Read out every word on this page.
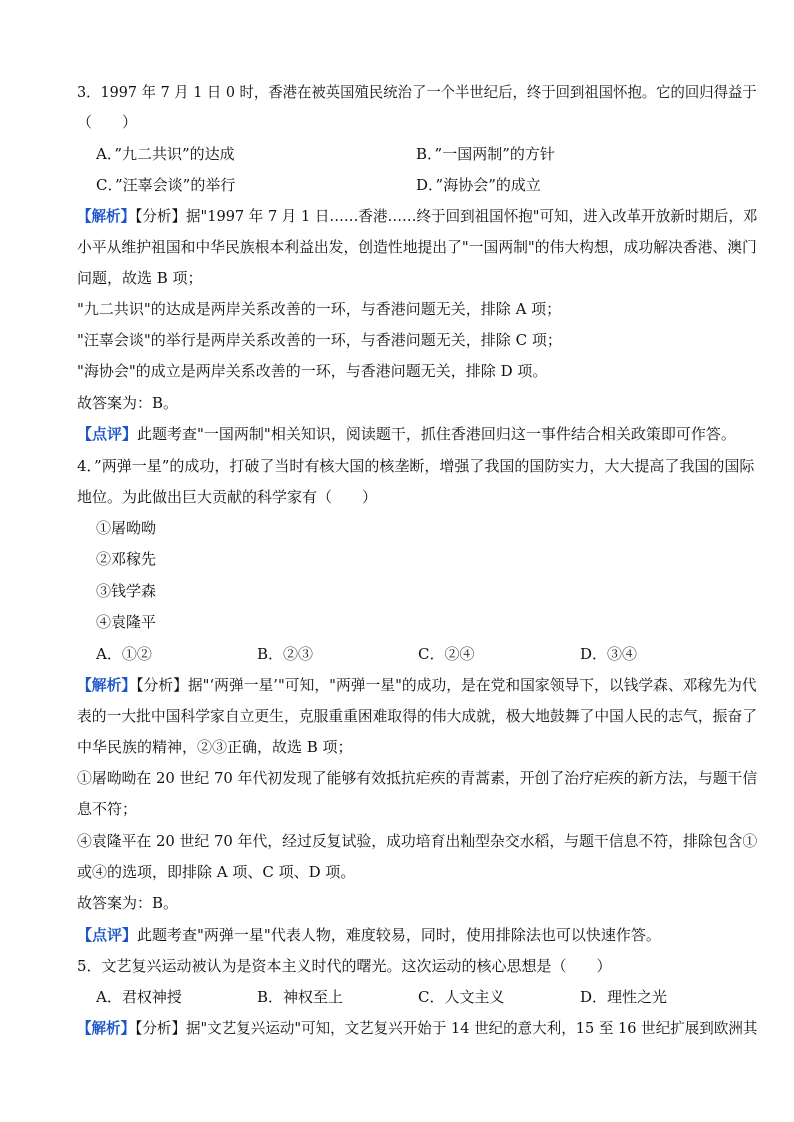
3．1997 年 7 月 1 日 0 时，香港在被英国殖民统治了一个半世纪后，终于回到祖国怀抱。它的回归得益于
（　　）
A．”九二共识”的达成	B．”一国两制”的方针
C．”汪辜会谈”的举行	D．”海协会”的成立
【解析】【分析】据"1997 年 7 月 1 日……香港……终于回到祖国怀抱"可知，进入改革开放新时期后，邓
小平从维护祖国和中华民族根本利益出发，创造性地提出了"一国两制"的伟大构想，成功解决香港、澳门
问题，故选 B 项；
"九二共识"的达成是两岸关系改善的一环，与香港问题无关，排除 A 项；
"汪辜会谈"的举行是两岸关系改善的一环，与香港问题无关，排除 C 项；
"海协会"的成立是两岸关系改善的一环，与香港问题无关，排除 D 项。
故答案为：B。
【点评】此题考查"一国两制"相关知识，阅读题干，抓住香港回归这一事件结合相关政策即可作答。
4．”两弹一星”的成功，打破了当时有核大国的核垄断，增强了我国的国防实力，大大提高了我国的国际
地位。为此做出巨大贡献的科学家有（　　）
①屠呦呦
②邓稼先
③钱学森
④袁隆平
A．①②	B．②③	C．②④	D．③④
【解析】【分析】据"‘两弹一星’"可知，"两弹一星"的成功，是在党和国家领导下，以钱学森、邓稼先为代
表的一大批中国科学家自立更生，克服重重困难取得的伟大成就，极大地鼓舞了中国人民的志气，振奋了
中华民族的精神，②③正确，故选 B 项；
①屠呦呦在 20 世纪 70 年代初发现了能够有效抵抗疟疾的青蒿素，开创了治疗疟疾的新方法，与题干信
息不符；
④袁隆平在 20 世纪 70 年代，经过反复试验，成功培育出籼型杂交水稻，与题干信息不符，排除包含①
或④的选项，即排除 A 项、C 项、D 项。
故答案为：B。
【点评】此题考查"两弹一星"代表人物，难度较易，同时，使用排除法也可以快速作答。
5．文艺复兴运动被认为是资本主义时代的曙光。这次运动的核心思想是（　　）
A．君权神授	B．神权至上	C．人文主义	D．理性之光
【解析】【分析】据"文艺复兴运动"可知，文艺复兴开始于 14 世纪的意大利，15 至 16 世纪扩展到欧洲其
